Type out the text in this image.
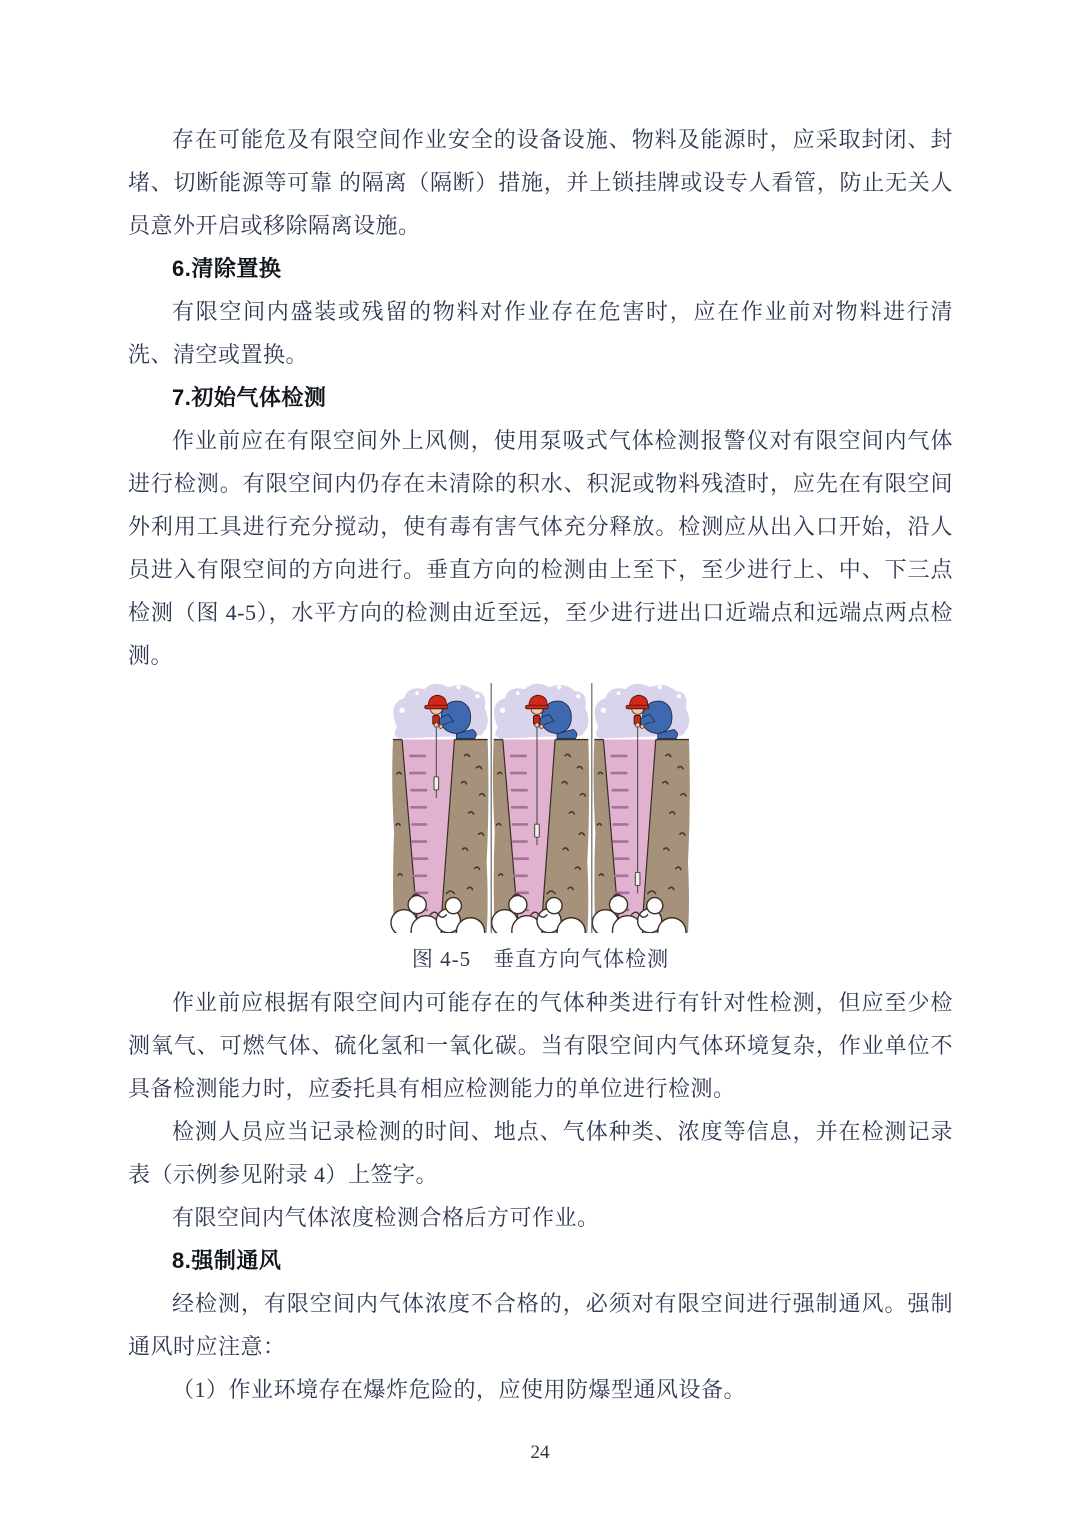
存在可能危及有限空间作业安全的设备设施、物料及能源时，应采取封闭、封堵、切断能源等可靠 的隔离（隔断）措施，并上锁挂牌或设专人看管，防止无关人员意外开启或移除隔离设施。

6.清除置换

有限空间内盛装或残留的物料对作业存在危害时，应在作业前对物料进行清洗、清空或置换。

7.初始气体检测

作业前应在有限空间外上风侧，使用泵吸式气体检测报警仪对有限空间内气体进行检测。有限空间内仍存在未清除的积水、积泥或物料残渣时，应先在有限空间外利用工具进行充分搅动，使有毒有害气体充分释放。检测应从出入口开始，沿人员进入有限空间的方向进行。垂直方向的检测由上至下，至少进行上、中、下三点检测（图 4-5），水平方向的检测由近至远，至少进行进出口近端点和远端点两点检测。

图 4-5　垂直方向气体检测

作业前应根据有限空间内可能存在的气体种类进行有针对性检测，但应至少检测氧气、可燃气体、硫化氢和一氧化碳。当有限空间内气体环境复杂，作业单位不具备检测能力时，应委托具有相应检测能力的单位进行检测。

检测人员应当记录检测的时间、地点、气体种类、浓度等信息，并在检测记录表（示例参见附录 4）上签字。

有限空间内气体浓度检测合格后方可作业。

8.强制通风

经检测，有限空间内气体浓度不合格的，必须对有限空间进行强制通风。强制通风时应注意：

（1）作业环境存在爆炸危险的，应使用防爆型通风设备。

24
